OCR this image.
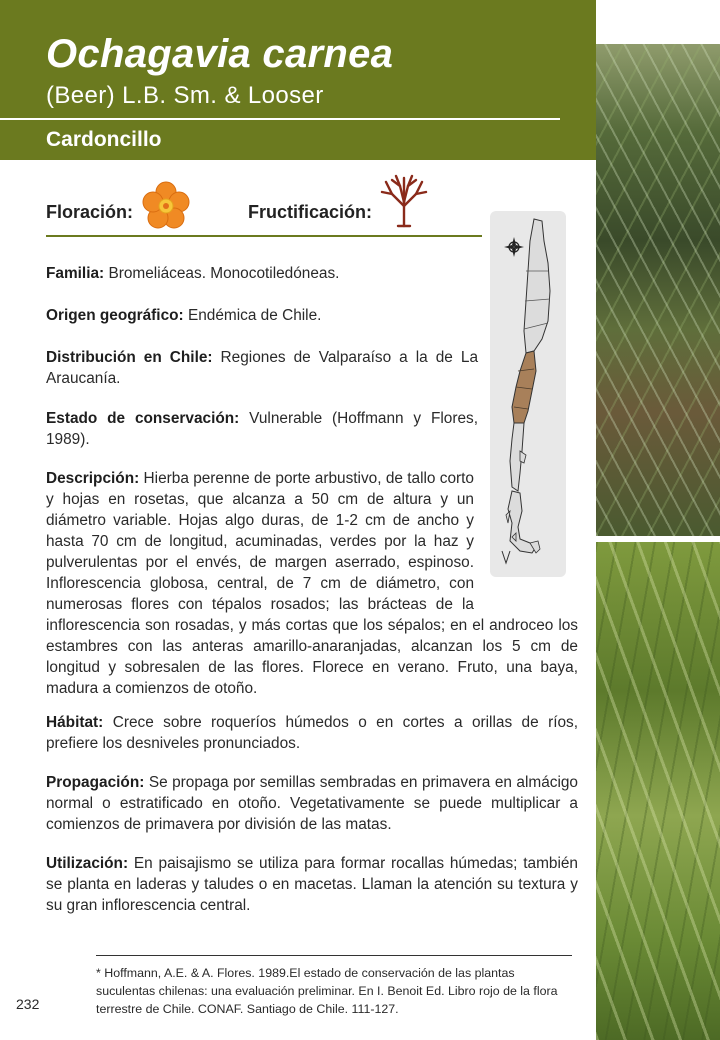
Ochagavia carnea
(Beer) L.B. Sm. & Looser
Cardoncillo
Floración:	Fructificación:
Familia: Bromeliáceas. Monocotiledóneas.
Origen geográfico: Endémica de Chile.
Distribución en Chile: Regiones de Valparaíso a la de La Araucanía.
Estado de conservación: Vulnerable (Hoffmann y Flores, 1989).
Descripción: Hierba perenne de porte arbustivo, de tallo corto y hojas en rosetas, que alcanza a 50 cm de altura y un diámetro variable. Hojas algo duras, de 1-2 cm de ancho y hasta 70 cm de longitud, acuminadas, verdes por la haz y pulverulentas por el envés, de margen aserrado, espinoso. Inflorescencia globosa, central, de 7 cm de diámetro, con numerosas flores con tépalos rosados; las brácteas de la inflorescencia son rosadas, y más cortas que los sépalos; en el androceo los estambres con las anteras amarillo-anaranjadas, alcanzan los 5 cm de longitud y sobresalen de las flores. Florece en verano. Fruto, una baya, madura a comienzos de otoño.
Hábitat: Crece sobre roqueríos húmedos o en cortes a orillas de ríos, prefiere los desniveles pronunciados.
Propagación: Se propaga por semillas sembradas en primavera en almácigo normal o estratificado en otoño. Vegetativamente se puede multiplicar a comienzos de primavera por división de las matas.
Utilización: En paisajismo se utiliza para formar rocallas húmedas; también se planta en laderas y taludes o en macetas. Llaman la atención su textura y su gran inflorescencia central.
* Hoffmann, A.E. & A. Flores. 1989.El estado de conservación de las plantas suculentas chilenas: una evaluación preliminar. En I. Benoit Ed. Libro rojo de la flora terrestre de Chile. CONAF. Santiago de Chile. 111-127.
232
